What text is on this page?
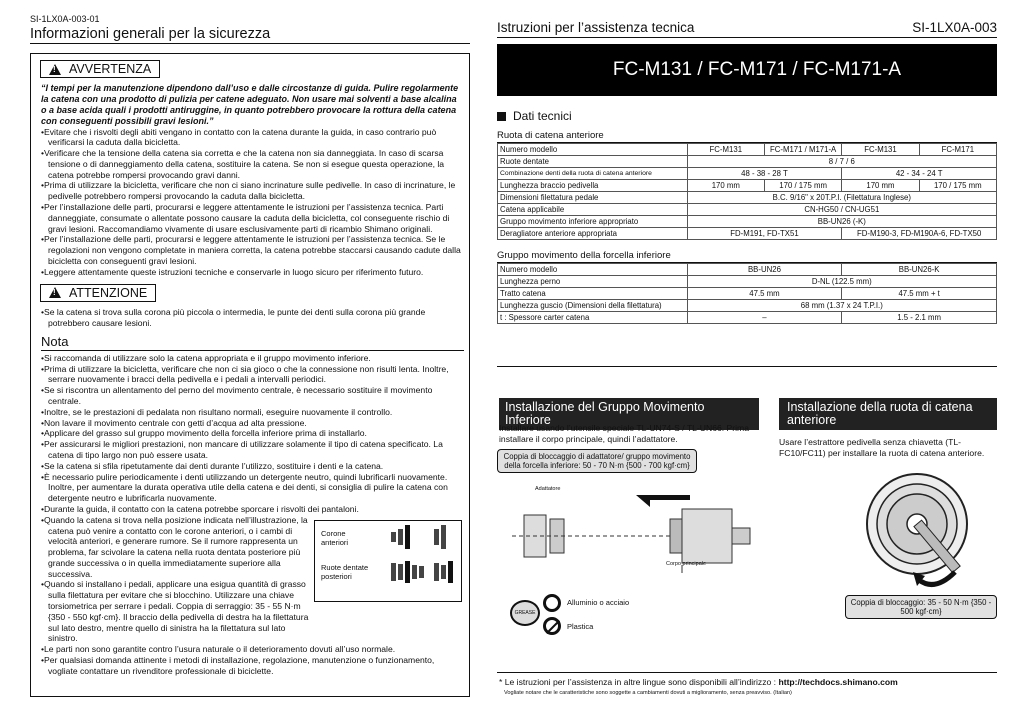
SI-1LX0A-003-01
Informazioni generali per la sicurezza
!
AVVERTENZA
“I tempi per la manutenzione dipendono dall’uso e dalle circostanze di guida. Pulire regolarmente la catena con una prodotto di pulizia per catene adeguato. Non usare mai solventi a base alcalina o a base acida quali i prodotti antiruggine, in quanto potrebbero provocare la rottura della catena con conseguenti possibili gravi lesioni.”
• Evitare che i risvolti degli abiti vengano in contatto con la catena durante la guida, in caso contrario può verificarsi la caduta dalla bicicletta.
• Verificare che la tensione della catena sia corretta e che la catena non sia danneggiata. In caso di scarsa tensione o di danneggiamento della catena, sostituire la catena. Se non si esegue questa operazione, la catena potrebbe rompersi provocando gravi danni.
• Prima di utilizzare la bicicletta, verificare che non ci siano incrinature sulle pedivelle. In caso di incrinature, le pedivelle potrebbero rompersi provocando la caduta dalla bicicletta.
• Per l’installazione delle parti, procurarsi e leggere attentamente le istruzioni per l’assistenza tecnica. Parti danneggiate, consumate o allentate possono causare la caduta della bicicletta, col conseguente rischio di gravi lesioni. Raccomandiamo vivamente di usare esclusivamente parti di ricambio Shimano originali.
• Per l’installazione delle parti, procurarsi e leggere attentamente le istruzioni per l’assistenza tecnica. Se le regolazioni non vengono completate in maniera corretta, la catena potrebbe staccarsi causando cadute dalla bicicletta con conseguenti gravi lesioni.
• Leggere attentamente queste istruzioni tecniche e conservarle in luogo sicuro per riferimento futuro.
!
ATTENZIONE
• Se la catena si trova sulla corona più piccola o intermedia, le punte dei denti sulla corona più grande potrebbero causare lesioni.
Nota
• Si raccomanda di utilizzare solo la catena appropriata e il gruppo movimento inferiore.
• Prima di utilizzare la bicicletta, verificare che non ci sia gioco o che la connessione non risulti lenta. Inoltre, serrare nuovamente i bracci della pedivella e i pedali a intervalli periodici.
• Se si riscontra un allentamento del perno del movimento centrale, è necessario sostituire il movimento centrale.
• Inoltre, se le prestazioni di pedalata non risultano normali, eseguire nuovamente il controllo.
• Non lavare il movimento centrale con getti d’acqua ad alta pressione.
• Applicare del grasso sul gruppo movimento della forcella inferiore prima di installarlo.
• Per assicurarsi le migliori prestazioni, non mancare di utilizzare solamente il tipo di catena specificato. La catena di tipo largo non può essere usata.
• Se la catena si sfila ripetutamente dai denti durante l’utilizzo, sostituire i denti e la catena.
• È necessario pulire periodicamente i denti utilizzando un detergente neutro, quindi lubrificarli nuovamente. Inoltre, per aumentare la durata operativa utile della catena e dei denti, si consiglia di pulire la catena con detergente neutro e lubrificarla nuovamente.
• Durante la guida, il contatto con la catena potrebbe sporcare i risvolti dei pantaloni.
• Quando la catena si trova nella posizione indicata nell’illustrazione, la catena può venire a contatto con le corone anteriori, o i cambi di velocità anteriori, e generare rumore. Se il rumore rappresenta un problema, far scivolare la catena nella ruota dentata posteriore più grande successiva o in quella immediatamente superiore alla successiva.
• Quando si installano i pedali, applicare una esigua quantità di grasso sulla filettatura per evitare che si blocchino. Utilizzare una chiave torsiometrica per serrare i pedali. Coppia di serraggio: 35 - 55 N·m {350 - 550 kgf·cm}. Il braccio della pedivella di destra ha la filettatura sul lato destro, mentre quello di sinistra ha la filettatura sul lato sinistro.
• Le parti non sono garantite contro l’usura naturale o il deterioramento dovuti all’uso normale.
• Per qualsiasi domanda attinente i metodi di installazione, regolazione, manutenzione o funzionamento, vogliate contattare un rivenditore professionale di biciclette.
Corone anteriori
Ruote dentate posteriori
Istruzioni per l’assistenza tecnica	SI-1LX0A-003
FC-M131 / FC-M171 / FC-M171-A
Dati tecnici
Ruota di catena anteriore
Numero modello	FC-M131	FC-M171 / M171-A	FC-M131	FC-M171
Ruote dentate	8 / 7 / 6			
Combinazione denti della ruota di catena anteriore	48 - 38 - 28 T		42 - 34 - 24 T	
Lunghezza braccio pedivella	170 mm	170 / 175 mm	170 mm	170 / 175 mm
Dimensioni filettatura pedale	B.C. 9/16" x 20T.P.I. (Filettatura Inglese)			
Catena applicabile	CN-HG50 / CN-UG51			
Gruppo movimento inferiore appropriato	BB-UN26 (-K)			
Deragliatore anteriore appropriata	FD-M191, FD-TX51		FD-M190-3, FD-M190A-6, FD-TX50	
Gruppo movimento della forcella inferiore
Numero modello	BB-UN26	BB-UN26-K
Lunghezza perno	D-NL (122.5 mm)	
Tratto catena	47.5 mm	47.5 mm + t
Lunghezza guscio (Dimensioni della filettatura)	68 mm (1.37 x 24 T.P.I.)	
t : Spessore carter catena	–	1.5 - 2.1 mm
Installazione del Gruppo Movimento Inferiore
Installare usando l’utensile speciale TL-UN74-S / TL-UN66. Prima installare il corpo principale, quindi l’adattatore.
Coppia di bloccaggio di adattatore/ gruppo movimento della forcella inferiore: 50 - 70 N·m {500 - 700 kgf·cm}
Adattatore
Corpo principale
GREASE
Alluminio o acciaio
Plastica
Installazione della ruota di catena anteriore
Usare l’estrattore pedivella senza chiavetta (TL-FC10/FC11) per installare la ruota di catena anteriore.
Coppia di bloccaggio: 35 - 50 N·m {350 - 500 kgf·cm}
* Le istruzioni per l’assistenza in altre lingue sono disponibili all’indirizzo : http://techdocs.shimano.com
Vogliate notare che le caratteristiche sono soggette a cambiamenti dovuti a miglioramento, senza preavviso. (Italian)
